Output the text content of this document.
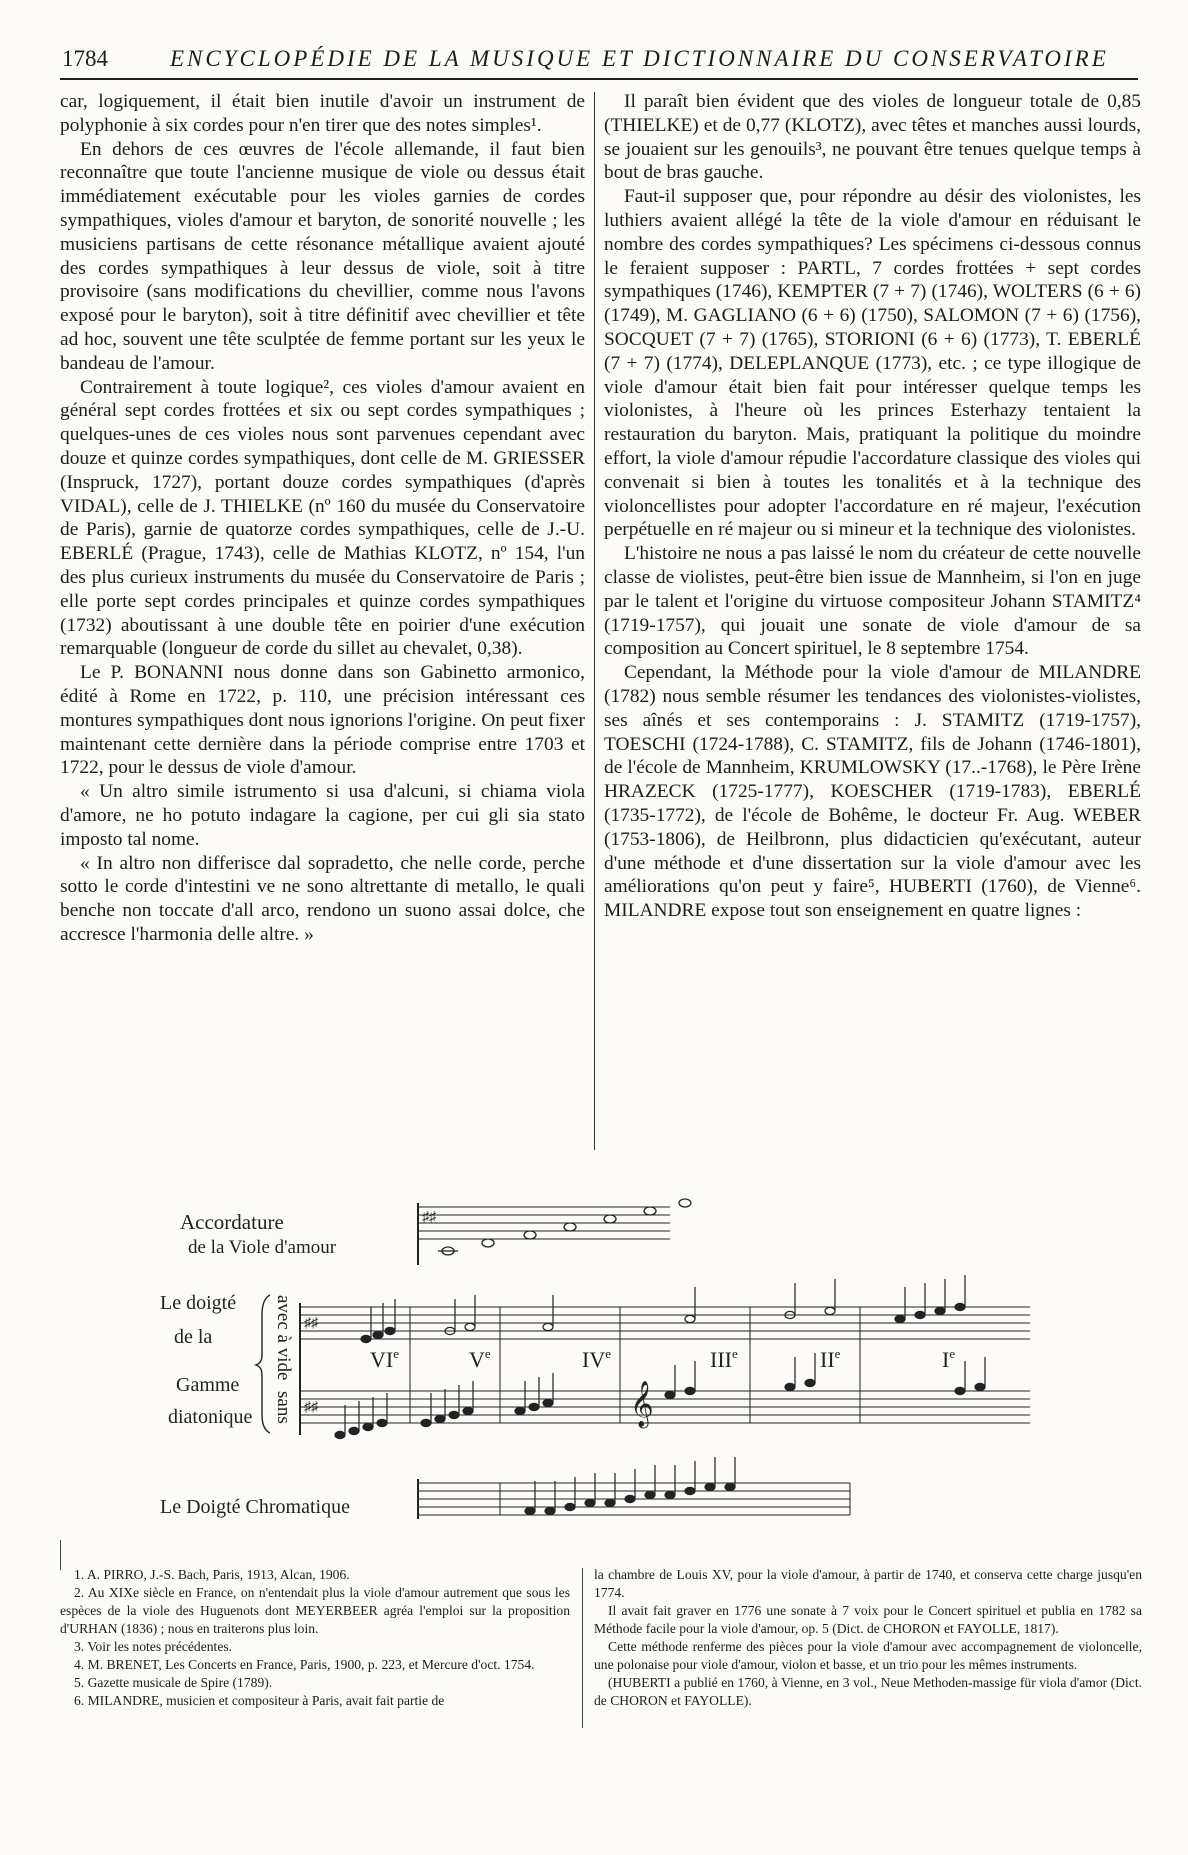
1784	ENCYCLOPÉDIE DE LA MUSIQUE ET DICTIONNAIRE DU CONSERVATOIRE

car, logiquement, il était bien inutile d'avoir un instrument de polyphonie à six cordes pour n'en tirer que des notes simples¹.

En dehors de ces œuvres de l'école allemande, il faut bien reconnaître que toute l'ancienne musique de viole ou dessus était immédiatement exécutable pour les violes garnies de cordes sympathiques, violes d'amour et baryton, de sonorité nouvelle ; les musiciens partisans de cette résonance métallique avaient ajouté des cordes sympathiques à leur dessus de viole, soit à titre provisoire (sans modifications du chevillier, comme nous l'avons exposé pour le baryton), soit à titre définitif avec chevillier et tête ad hoc, souvent une tête sculptée de femme portant sur les yeux le bandeau de l'amour.

Contrairement à toute logique², ces violes d'amour avaient en général sept cordes frottées et six ou sept cordes sympathiques ; quelques-unes de ces violes nous sont parvenues cependant avec douze et quinze cordes sympathiques, dont celle de M. GRIESSER (Inspruck, 1727), portant douze cordes sympathiques (d'après VIDAL), celle de J. THIELKE (nº 160 du musée du Conservatoire de Paris), garnie de quatorze cordes sympathiques, celle de J.-U. EBERLÉ (Prague, 1743), celle de Mathias KLOTZ, nº 154, l'un des plus curieux instruments du musée du Conservatoire de Paris ; elle porte sept cordes principales et quinze cordes sympathiques (1732) aboutissant à une double tête en poirier d'une exécution remarquable (longueur de corde du sillet au chevalet, 0,38).

Le P. BONANNI nous donne dans son Gabinetto armonico, édité à Rome en 1722, p. 110, une précision intéressant ces montures sympathiques dont nous ignorions l'origine. On peut fixer maintenant cette dernière dans la période comprise entre 1703 et 1722, pour le dessus de viole d'amour.

« Un altro simile istrumento si usa d'alcuni, si chiama viola d'amore, ne ho potuto indagare la cagione, per cui gli sia stato imposto tal nome.

« In altro non differisce dal sopradetto, che nelle corde, perche sotto le corde d'intestini ve ne sono altrettante di metallo, le quali benche non toccate d'all arco, rendono un suono assai dolce, che accresce l'harmonia delle altre. »

Il paraît bien évident que des violes de longueur totale de 0,85 (THIELKE) et de 0,77 (KLOTZ), avec têtes et manches aussi lourds, se jouaient sur les genouils³, ne pouvant être tenues quelque temps à bout de bras gauche.

Faut-il supposer que, pour répondre au désir des violonistes, les luthiers avaient allégé la tête de la viole d'amour en réduisant le nombre des cordes sympathiques? Les spécimens ci-dessous connus le feraient supposer : PARTL, 7 cordes frottées + sept cordes sympathiques (1746), KEMPTER (7 + 7) (1746), WOLTERS (6 + 6) (1749), M. GAGLIANO (6 + 6) (1750), SALOMON (7 + 6) (1756), SOCQUET (7 + 7) (1765), STORIONI (6 + 6) (1773), T. EBERLÉ (7 + 7) (1774), DELEPLANQUE (1773), etc. ; ce type illogique de viole d'amour était bien fait pour intéresser quelque temps les violonistes, à l'heure où les princes Esterhazy tentaient la restauration du baryton. Mais, pratiquant la politique du moindre effort, la viole d'amour répudie l'accordature classique des violes qui convenait si bien à toutes les tonalités et à la technique des violoncellistes pour adopter l'accordature en ré majeur, l'exécution perpétuelle en ré majeur ou si mineur et la technique des violonistes.

L'histoire ne nous a pas laissé le nom du créateur de cette nouvelle classe de violistes, peut-être bien issue de Mannheim, si l'on en juge par le talent et l'origine du virtuose compositeur Johann STAMITZ⁴ (1719-1757), qui jouait une sonate de viole d'amour de sa composition au Concert spirituel, le 8 septembre 1754.

Cependant, la Méthode pour la viole d'amour de MILANDRE (1782) nous semble résumer les tendances des violonistes-violistes, ses aînés et ses contemporains : J. STAMITZ (1719-1757), TOESCHI (1724-1788), C. STAMITZ, fils de Johann (1746-1801), de l'école de Mannheim, KRUMLOWSKY (17..-1768), le Père Irène HRAZECK (1725-1777), KOESCHER (1719-1783), EBERLÉ (1735-1772), de l'école de Bohême, le docteur Fr. Aug. WEBER (1753-1806), de Heilbronn, plus didacticien qu'exécutant, auteur d'une méthode et d'une dissertation sur la viole d'amour avec les améliorations qu'on peut y faire⁵, HUBERTI (1760), de Vienne⁶. MILANDRE expose tout son enseignement en quatre lignes :

Accordature
de la Viole d'amour
♯♯
Le doigté
de la
Gamme
diatonique
avec à vide
sans
♯♯
♯♯
VIe	Ve	IVe	IIIe	IIe	Ie
𝄞
Le Doigté Chromatique

1. A. PIRRO, J.-S. Bach, Paris, 1913, Alcan, 1906.

2. Au XIXe siècle en France, on n'entendait plus la viole d'amour autrement que sous les espèces de la viole des Huguenots dont MEYERBEER agréa l'emploi sur la proposition d'URHAN (1836) ; nous en traiterons plus loin.

3. Voir les notes précédentes.

4. M. BRENET, Les Concerts en France, Paris, 1900, p. 223, et Mercure d'oct. 1754.

5. Gazette musicale de Spire (1789).

6. MILANDRE, musicien et compositeur à Paris, avait fait partie de

la chambre de Louis XV, pour la viole d'amour, à partir de 1740, et conserva cette charge jusqu'en 1774.

Il avait fait graver en 1776 une sonate à 7 voix pour le Concert spirituel et publia en 1782 sa Méthode facile pour la viole d'amour, op. 5 (Dict. de CHORON et FAYOLLE, 1817).

Cette méthode renferme des pièces pour la viole d'amour avec accompagnement de violoncelle, une polonaise pour viole d'amour, violon et basse, et un trio pour les mêmes instruments.

(HUBERTI a publié en 1760, à Vienne, en 3 vol., Neue Methoden-massige für viola d'amor (Dict. de CHORON et FAYOLLE).
